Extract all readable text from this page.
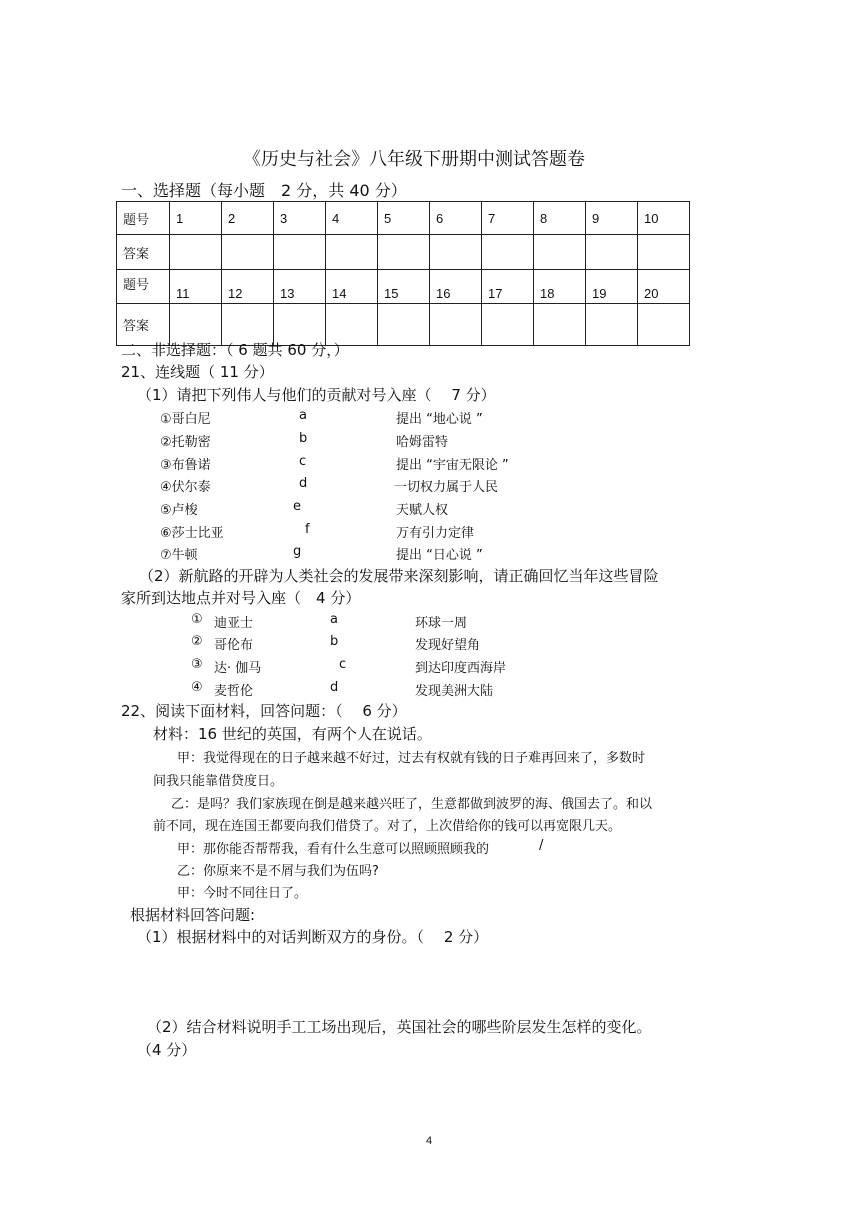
《历史与社会》八年级下册期中测试答题卷
一、选择题（每小题　2 分，共 40 分）
题号	1	2	3	4	5	6	7	8	9	10
答案										
题号	11	12	13	14	15	16	17	18	19	20
答案										
二、非选择题：（ 6 题共 60 分，）
21、连线题（ 11 分）
（1）请把下列伟人与他们的贡献对号入座（　 7 分）
①哥白尼	a	提出 “地心说 ”
②托勒密	b	哈姆雷特
③布鲁诺	c	提出 “宇宙无限论 ”
④伏尔泰	d	一切权力属于人民
⑤卢梭	e	天赋人权
⑥莎士比亚	f	万有引力定律
⑦牛顿	g	提出 “日心说 ”
（2）新航路的开辟为人类社会的发展带来深刻影响，请正确回忆当年这些冒险
家所到达地点并对号入座（　4 分）
① 迪亚士	a	环球一周
② 哥伦布	b	发现好望角
③ 达· 伽马	c	到达印度西海岸
④ 麦哲伦	d	发现美洲大陆
22、阅读下面材料，回答问题：（　 6 分）
材料：16 世纪的英国，有两个人在说话。
甲：我觉得现在的日子越来越不好过，过去有权就有钱的日子难再回来了，多数时
间我只能靠借贷度日。
乙：是吗？我们家族现在倒是越来越兴旺了，生意都做到波罗的海、俄国去了。和以
前不同，现在连国王都要向我们借贷了。对了，上次借给你的钱可以再宽限几天。
甲：那你能否帮帮我，看有什么生意可以照顾照顾我的	/
乙：你原来不是不屑与我们为伍吗?
甲：今时不同往日了。
根据材料回答问题:
（1）根据材料中的对话判断双方的身份。（　 2 分）
（2）结合材料说明手工工场出现后，英国社会的哪些阶层发生怎样的变化。
（4 分）
4
